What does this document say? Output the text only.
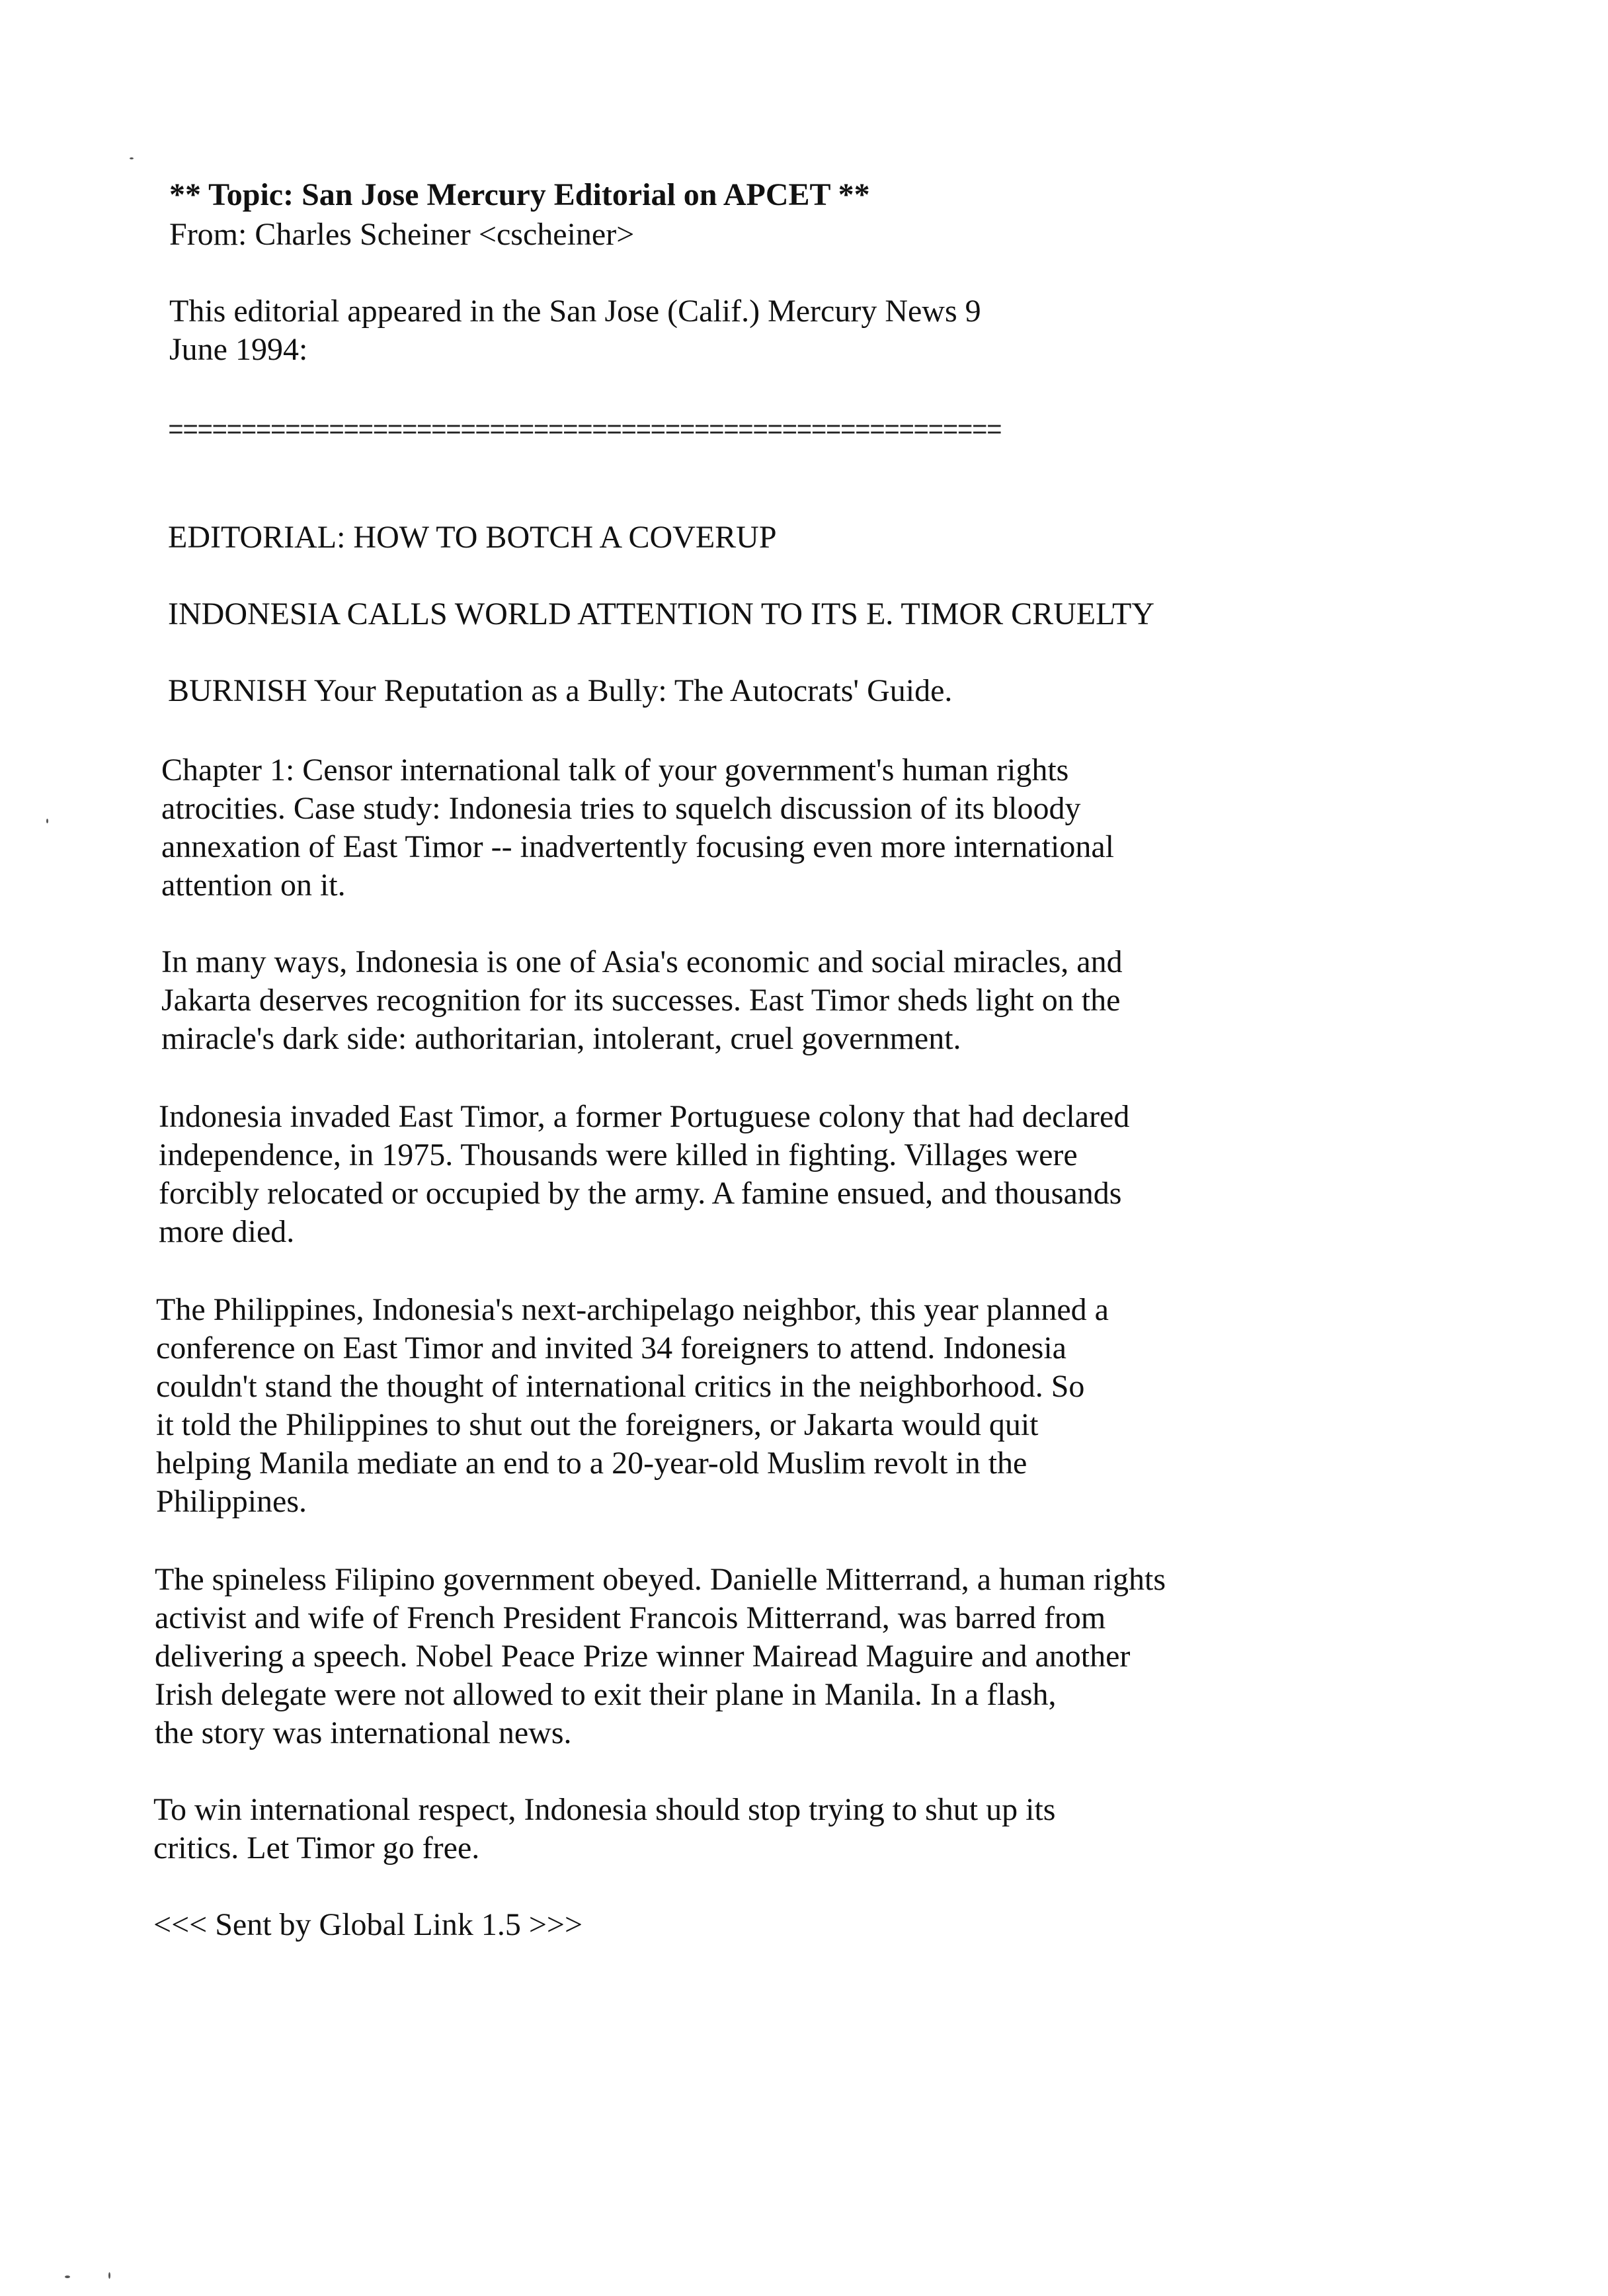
** Topic: San Jose Mercury Editorial on APCET **
From: Charles Scheiner <cscheiner>
This editorial appeared in the San Jose (Calif.) Mercury News 9
June 1994:
=========================================================
EDITORIAL: HOW TO BOTCH A COVERUP
INDONESIA CALLS WORLD ATTENTION TO ITS E. TIMOR CRUELTY
BURNISH Your Reputation as a Bully: The Autocrats' Guide.
Chapter 1: Censor international talk of your government's human rights
atrocities. Case study: Indonesia tries to squelch discussion of its bloody
annexation of East Timor -- inadvertently focusing even more international
attention on it.
In many ways, Indonesia is one of Asia's economic and social miracles, and
Jakarta deserves recognition for its successes. East Timor sheds light on the
miracle's dark side: authoritarian, intolerant, cruel government.
Indonesia invaded East Timor, a former Portuguese colony that had declared
independence, in 1975. Thousands were killed in fighting. Villages were
forcibly relocated or occupied by the army. A famine ensued, and thousands
more died.
The Philippines, Indonesia's next-archipelago neighbor, this year planned a
conference on East Timor and invited 34 foreigners to attend. Indonesia
couldn't stand the thought of international critics in the neighborhood. So
it told the Philippines to shut out the foreigners, or Jakarta would quit
helping Manila mediate an end to a 20-year-old Muslim revolt in the
Philippines.
The spineless Filipino government obeyed. Danielle Mitterrand, a human rights
activist and wife of French President Francois Mitterrand, was barred from
delivering a speech. Nobel Peace Prize winner Mairead Maguire and another
Irish delegate were not allowed to exit their plane in Manila. In a flash,
the story was international news.
To win international respect, Indonesia should stop trying to shut up its
critics. Let Timor go free.
<<< Sent by Global Link 1.5 >>>
